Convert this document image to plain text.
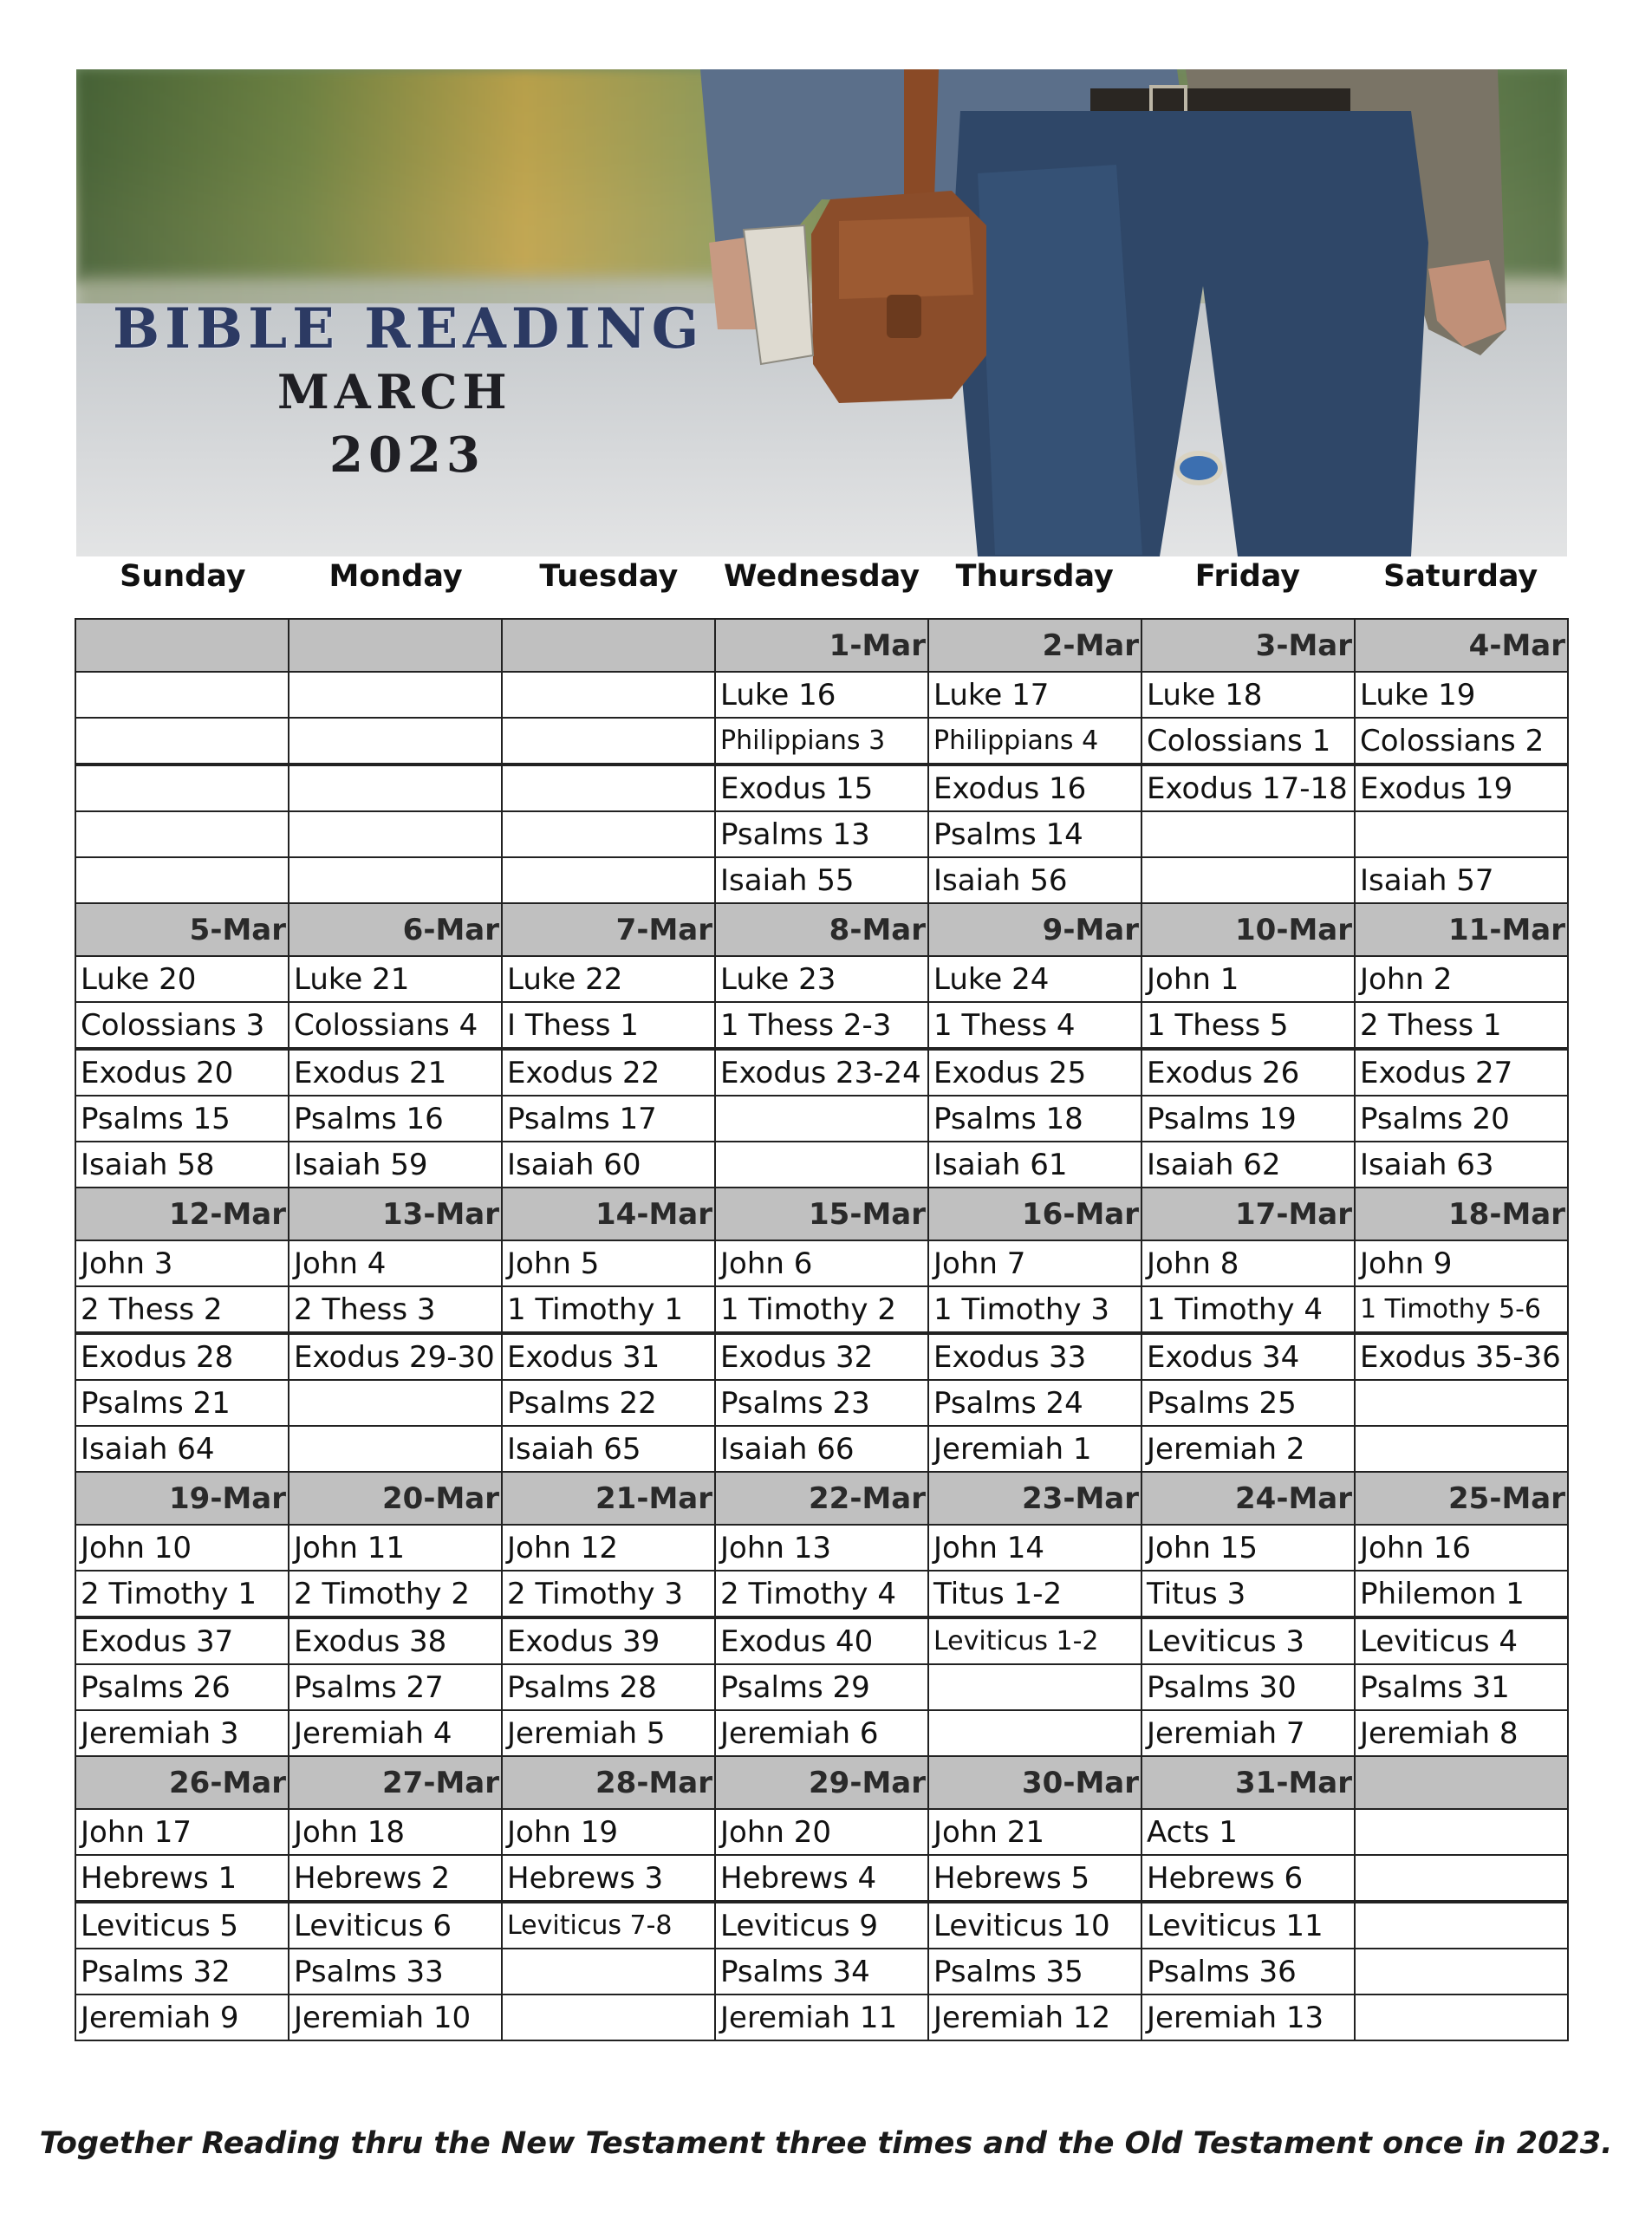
BIBLE READING
MARCH
2023
Sunday	Monday	Tuesday	Wednesday	Thursday	Friday	Saturday
			1-Mar	2-Mar	3-Mar	4-Mar
			Luke 16	Luke 17	Luke 18	Luke 19
			Philippians 3	Philippians 4	Colossians 1	Colossians 2
			Exodus 15	Exodus 16	Exodus 17-18	Exodus 19
			Psalms 13	Psalms 14		
			Isaiah 55	Isaiah 56		Isaiah 57
5-Mar	6-Mar	7-Mar	8-Mar	9-Mar	10-Mar	11-Mar
Luke 20	Luke 21	Luke 22	Luke 23	Luke 24	John 1	John 2
Colossians 3	Colossians 4	I Thess 1	1 Thess 2-3	1 Thess 4	1 Thess 5	2 Thess 1
Exodus 20	Exodus 21	Exodus 22	Exodus 23-24	Exodus 25	Exodus 26	Exodus 27
Psalms 15	Psalms 16	Psalms 17		Psalms 18	Psalms 19	Psalms 20
Isaiah 58	Isaiah 59	Isaiah 60		Isaiah 61	Isaiah 62	Isaiah 63
12-Mar	13-Mar	14-Mar	15-Mar	16-Mar	17-Mar	18-Mar
John 3	John 4	John 5	John 6	John 7	John 8	John 9
2 Thess 2	2 Thess 3	1 Timothy 1	1 Timothy 2	1 Timothy 3	1 Timothy 4	1 Timothy 5-6
Exodus 28	Exodus 29-30	Exodus 31	Exodus 32	Exodus 33	Exodus 34	Exodus 35-36
Psalms 21		Psalms 22	Psalms 23	Psalms 24	Psalms 25	
Isaiah 64		Isaiah 65	Isaiah 66	Jeremiah 1	Jeremiah 2	
19-Mar	20-Mar	21-Mar	22-Mar	23-Mar	24-Mar	25-Mar
John 10	John 11	John 12	John 13	John 14	John 15	John 16
2 Timothy 1	2 Timothy 2	2 Timothy 3	2 Timothy 4	Titus 1-2	Titus 3	Philemon 1
Exodus 37	Exodus 38	Exodus 39	Exodus 40	Leviticus 1-2	Leviticus 3	Leviticus 4
Psalms 26	Psalms 27	Psalms 28	Psalms 29		Psalms 30	Psalms 31
Jeremiah 3	Jeremiah 4	Jeremiah 5	Jeremiah 6		Jeremiah 7	Jeremiah 8
26-Mar	27-Mar	28-Mar	29-Mar	30-Mar	31-Mar	
John 17	John 18	John 19	John 20	John 21	Acts 1	
Hebrews 1	Hebrews 2	Hebrews 3	Hebrews 4	Hebrews 5	Hebrews 6	
Leviticus 5	Leviticus 6	Leviticus 7-8	Leviticus 9	Leviticus 10	Leviticus 11	
Psalms 32	Psalms 33		Psalms 34	Psalms 35	Psalms 36	
Jeremiah 9	Jeremiah 10		Jeremiah 11	Jeremiah 12	Jeremiah 13	
Together Reading thru the New Testament three times and the Old Testament once in 2023.
